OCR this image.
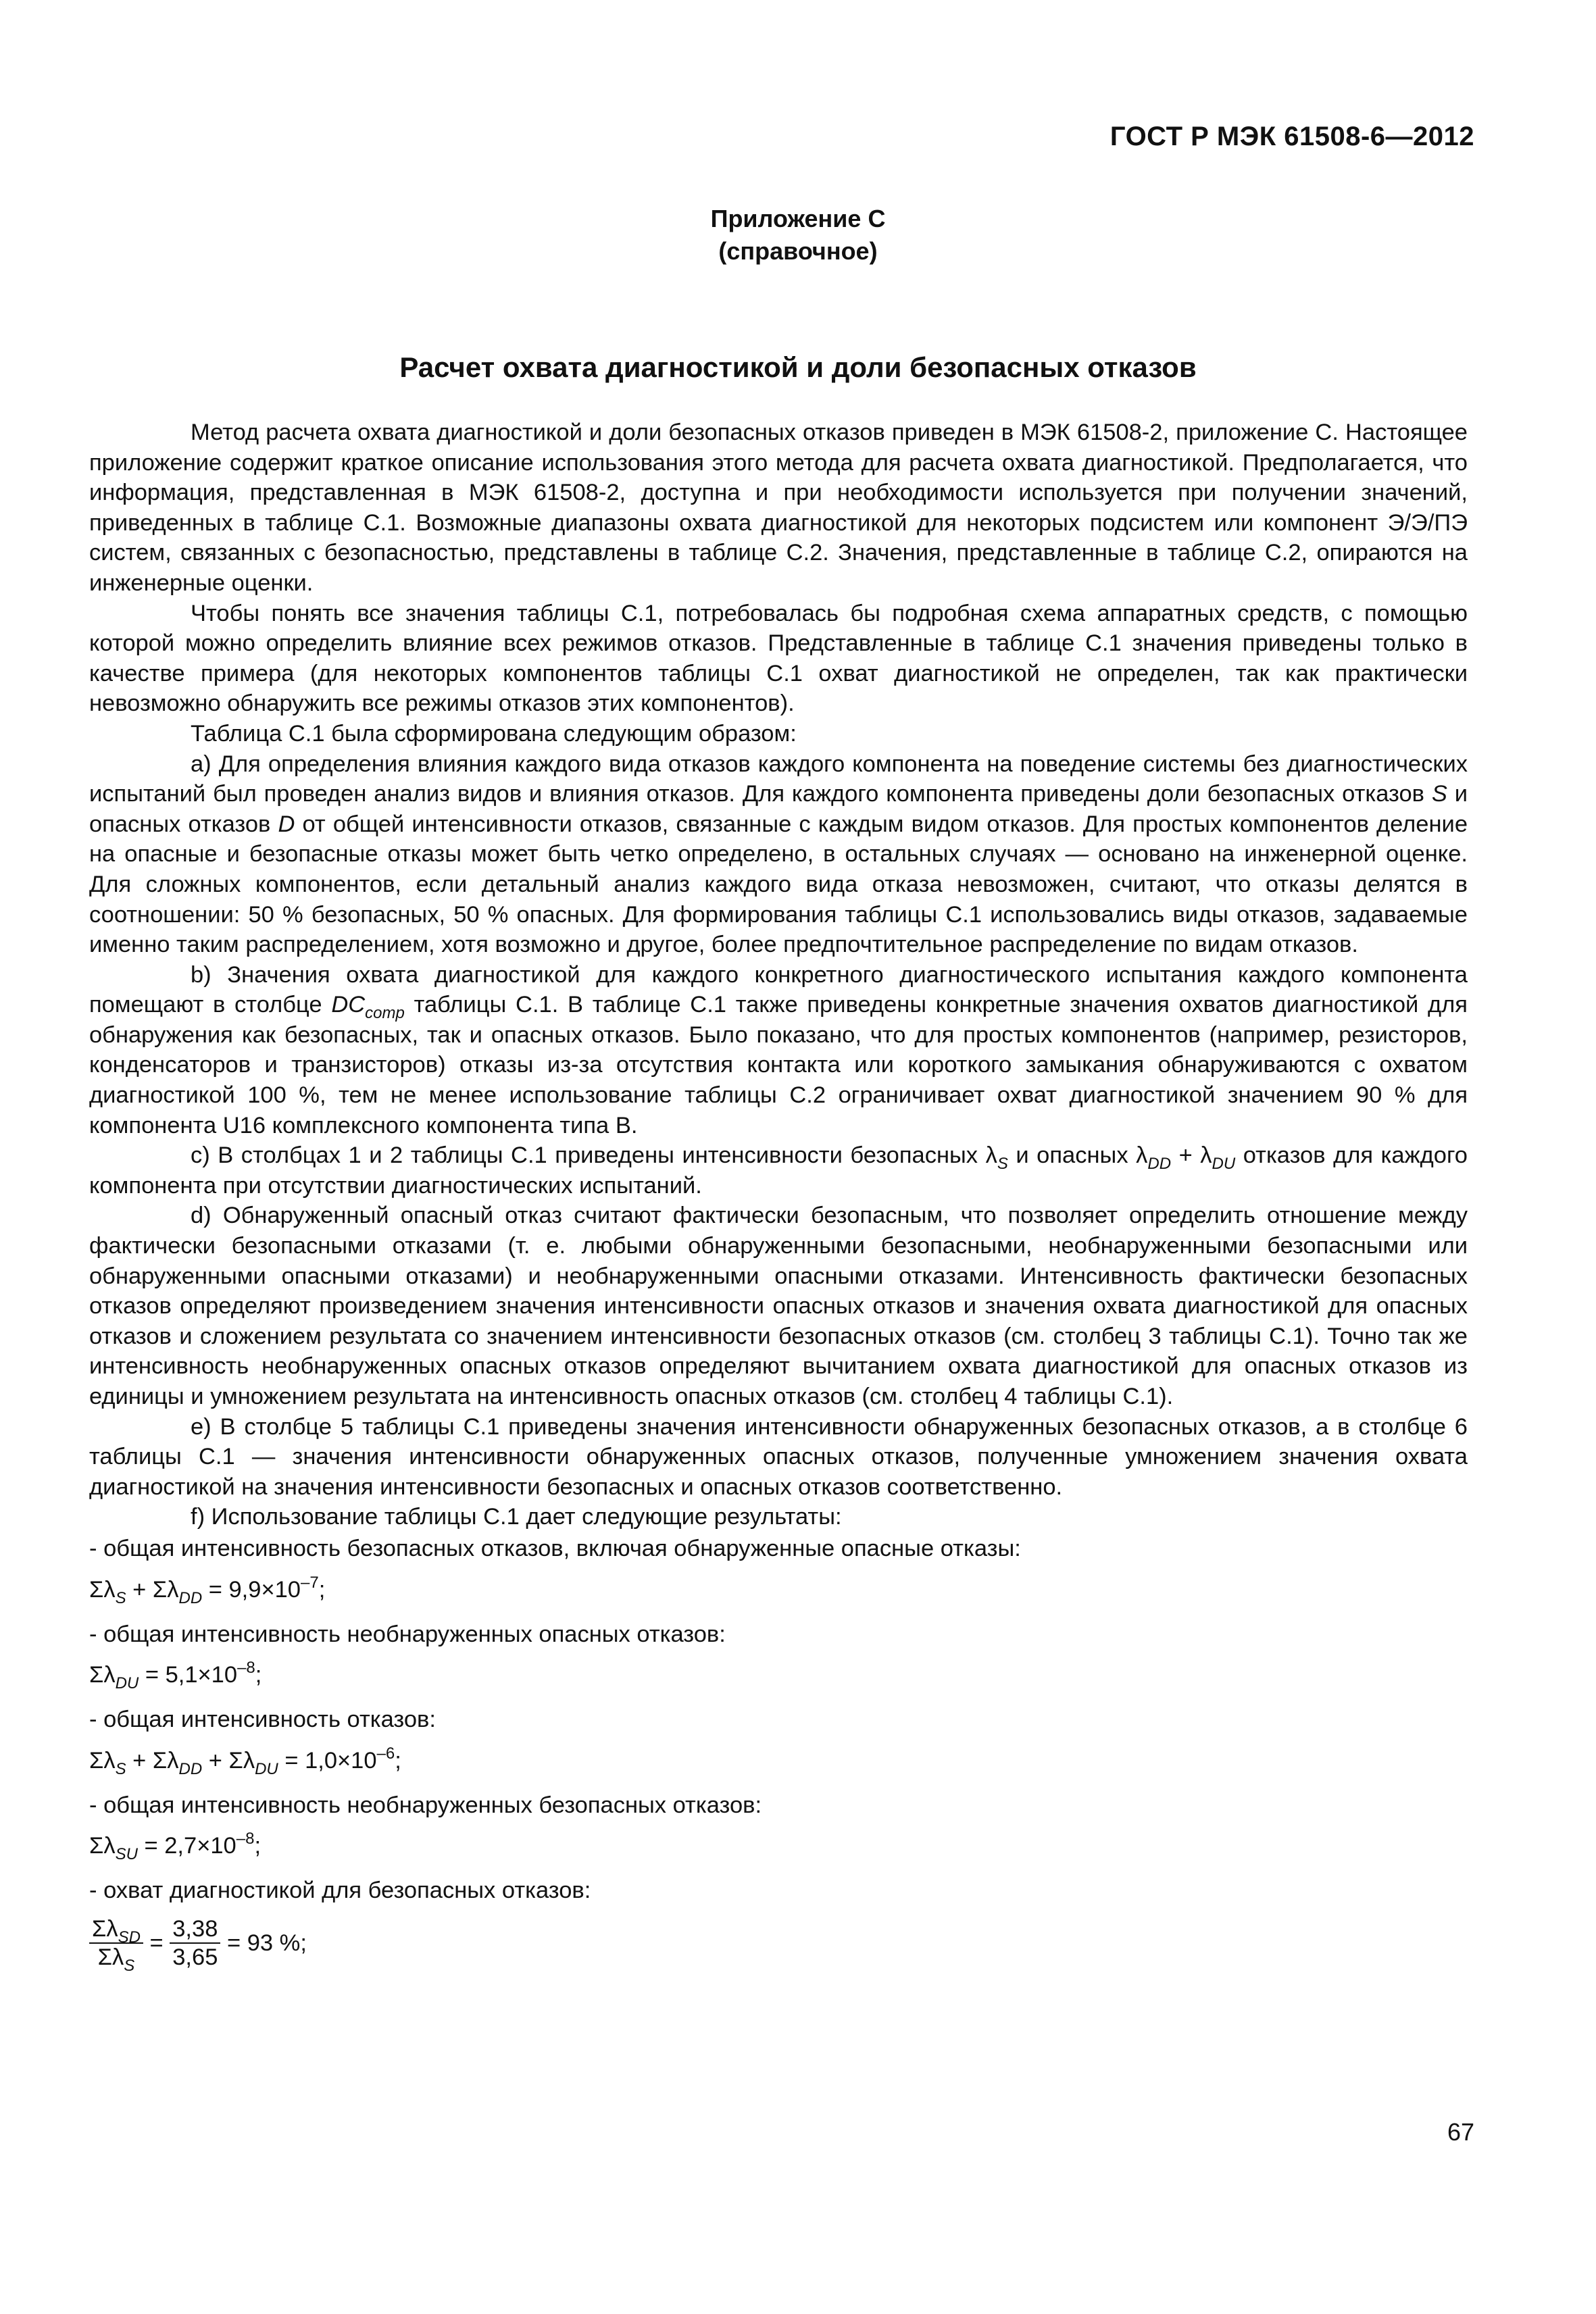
ГОСТ Р МЭК 61508-6—2012
Приложение С
(справочное)
Расчет охвата диагностикой и доли безопасных отказов

Метод расчета охвата диагностикой и доли безопасных отказов приведен в МЭК 61508-2, приложение С. Настоящее приложение содержит краткое описание использования этого метода для расчета охвата диагностикой. Предполагается, что информация, представленная в МЭК 61508-2, доступна и при необходимости используется при получении значений, приведенных в таблице С.1. Возможные диапазоны охвата диагностикой для некоторых подсистем или компонент Э/Э/ПЭ систем, связанных с безопасностью, представлены в таблице С.2. Значения, представленные в таблице С.2, опираются на инженерные оценки.

Чтобы понять все значения таблицы С.1, потребовалась бы подробная схема аппаратных средств, с помощью которой можно определить влияние всех режимов отказов. Представленные в таблице С.1 значения приведены только в качестве примера (для некоторых компонентов таблицы С.1 охват диагностикой не определен, так как практически невозможно обнаружить все режимы отказов этих компонентов).

Таблица С.1 была сформирована следующим образом:

а) Для определения влияния каждого вида отказов каждого компонента на поведение системы без диагностических испытаний был проведен анализ видов и влияния отказов. Для каждого компонента приведены доли безопасных отказов S и опасных отказов D от общей интенсивности отказов, связанные с каждым видом отказов. Для простых компонентов деление на опасные и безопасные отказы может быть четко определено, в остальных случаях — основано на инженерной оценке. Для сложных компонентов, если детальный анализ каждого вида отказа невозможен, считают, что отказы делятся в соотношении: 50 % безопасных, 50 % опасных. Для формирования таблицы С.1 использовались виды отказов, задаваемые именно таким распределением, хотя возможно и другое, более предпочтительное распределение по видам отказов.

b) Значения охвата диагностикой для каждого конкретного диагностического испытания каждого компонента помещают в столбце $DC_{comp}$ таблицы С.1. В таблице С.1 также приведены конкретные значения охватов диагностикой для обнаружения как безопасных, так и опасных отказов. Было показано, что для простых компонентов (например, резисторов, конденсаторов и транзисторов) отказы из-за отсутствия контакта или короткого замыкания обнаруживаются с охватом диагностикой 100 %, тем не менее использование таблицы С.2 ограничивает охват диагностикой значением 90 % для компонента U16 комплексного компонента типа В.

с) В столбцах 1 и 2 таблицы С.1 приведены интенсивности безопасных $\lambda_S$ и опасных $\lambda_{DD} + \lambda_{DU}$ отказов для каждого компонента при отсутствии диагностических испытаний.

d) Обнаруженный опасный отказ считают фактически безопасным, что позволяет определить отношение между фактически безопасными отказами (т. е. любыми обнаруженными безопасными, необнаруженными безопасными или обнаруженными опасными отказами) и необнаруженными опасными отказами. Интенсивность фактически безопасных отказов определяют произведением значения интенсивности опасных отказов и значения охвата диагностикой для опасных отказов и сложением результата со значением интенсивности безопасных отказов (см. столбец 3 таблицы С.1). Точно так же интенсивность необнаруженных опасных отказов определяют вычитанием охвата диагностикой для опасных отказов из единицы и умножением результата на интенсивность опасных отказов (см. столбец 4 таблицы С.1).

е) В столбце 5 таблицы С.1 приведены значения интенсивности обнаруженных безопасных отказов, а в столбце 6 таблицы С.1 — значения интенсивности обнаруженных опасных отказов, полученные умножением значения охвата диагностикой на значения интенсивности безопасных и опасных отказов соответственно.

f) Использование таблицы С.1 дает следующие результаты:

- общая интенсивность безопасных отказов, включая обнаруженные опасные отказы:

$\Sigma\lambda_S + \Sigma\lambda_{DD} = 9,9\times 10^{-7}$;

- общая интенсивность необнаруженных опасных отказов:

$\Sigma\lambda_{DU} = 5,1\times 10^{-8}$;

- общая интенсивность отказов:

$\Sigma\lambda_S + \Sigma\lambda_{DD} + \Sigma\lambda_{DU} = 1,0\times 10^{-6}$;

- общая интенсивность необнаруженных безопасных отказов:

$\Sigma\lambda_{SU} = 2,7\times 10^{-8}$;

- охват диагностикой для безопасных отказов:

$\frac{\Sigma\lambda_{SD}}{\Sigma\lambda_S} = \frac{3,38}{3,65} = 93$ %;

67
